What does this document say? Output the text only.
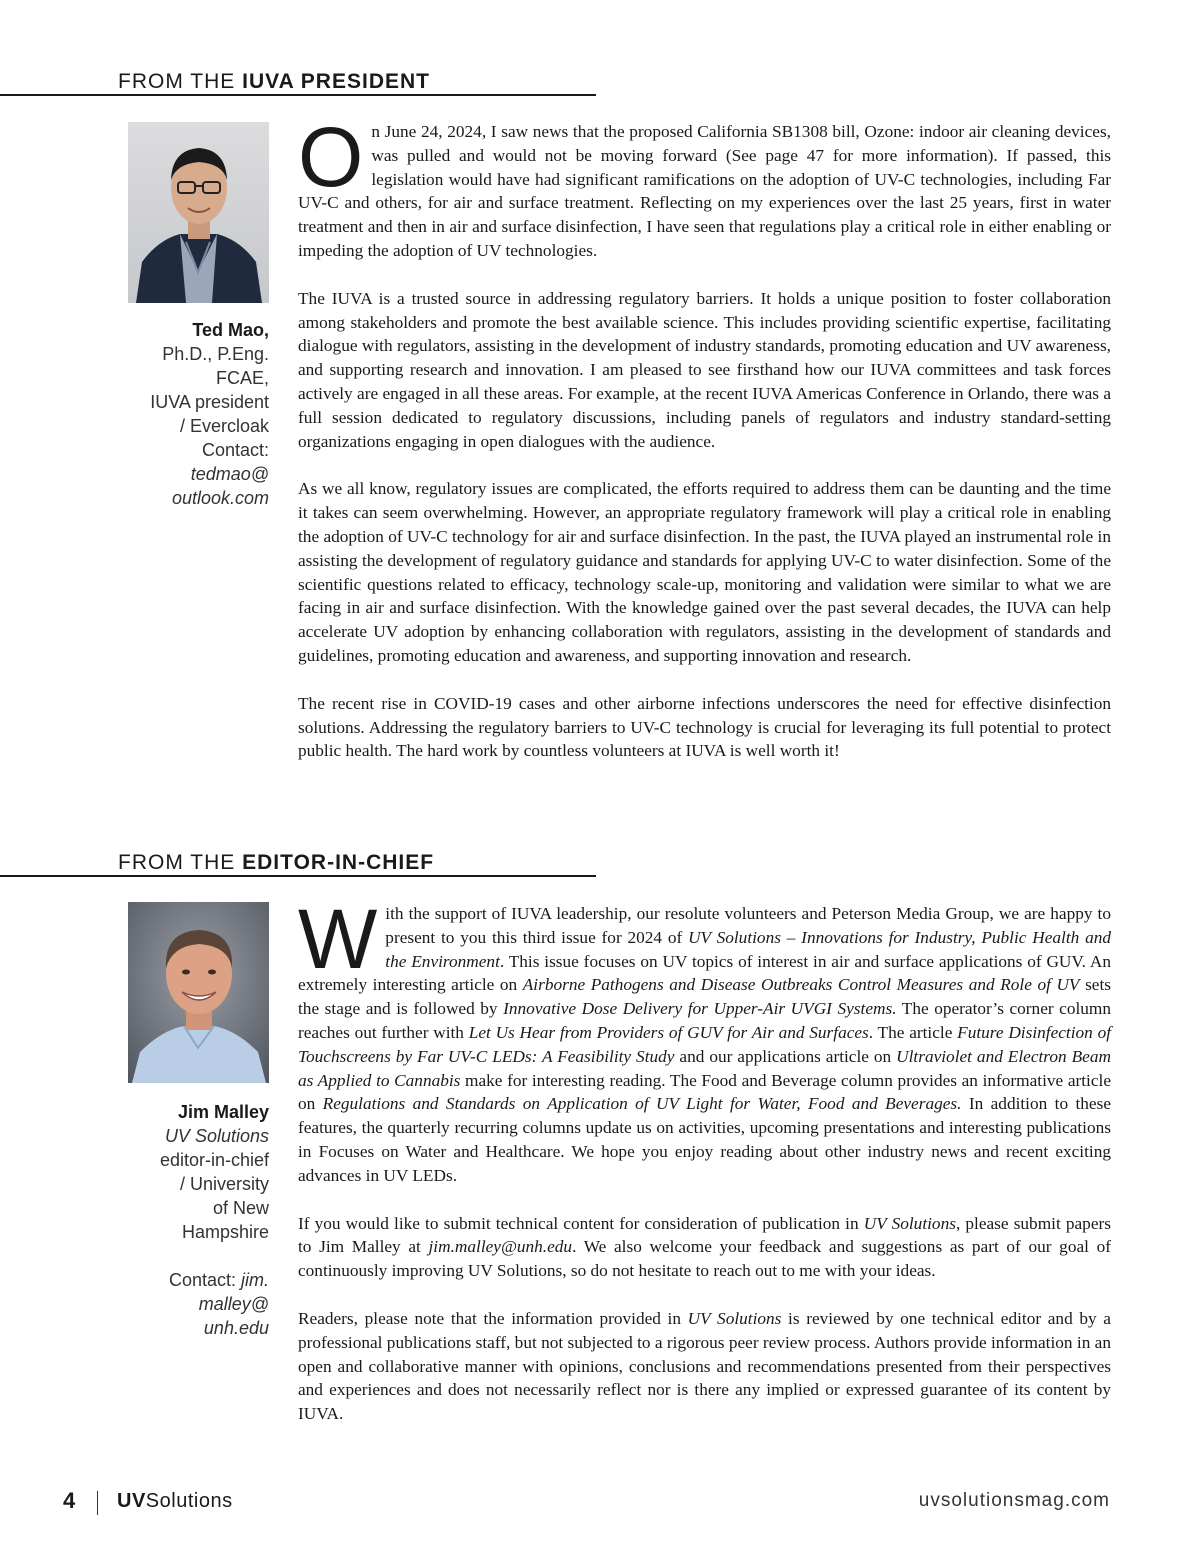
FROM THE IUVA PRESIDENT
Ted Mao,
Ph.D., P.Eng.
FCAE,
IUVA president
/ Evercloak
Contact:
tedmao@
outlook.com

On June 24, 2024, I saw news that the proposed California SB1308 bill, Ozone: indoor air cleaning devices, was pulled and would not be moving forward (See page 47 for more information). If passed, this legislation would have had significant ramifications on the adoption of UV-C technologies, including Far UV-C and others, for air and surface treatment. Reflecting on my experiences over the last 25 years, first in water treatment and then in air and surface disinfection, I have seen that regulations play a critical role in either enabling or impeding the adoption of UV technologies.

The IUVA is a trusted source in addressing regulatory barriers. It holds a unique position to foster collaboration among stakeholders and promote the best available science. This includes providing scientific expertise, facilitating dialogue with regulators, assisting in the development of industry standards, promoting education and UV awareness, and supporting research and innovation. I am pleased to see firsthand how our IUVA committees and task forces actively are engaged in all these areas. For example, at the recent IUVA Americas Conference in Orlando, there was a full session dedicated to regulatory discussions, including panels of regulators and industry standard-setting organizations engaging in open dialogues with the audience.

As we all know, regulatory issues are complicated, the efforts required to address them can be daunting and the time it takes can seem overwhelming. However, an appropriate regulatory framework will play a critical role in enabling the adoption of UV-C technology for air and surface disinfection. In the past, the IUVA played an instrumental role in assisting the development of regulatory guidance and standards for applying UV-C to water disinfection. Some of the scientific questions related to efficacy, technology scale-up, monitoring and validation were similar to what we are facing in air and surface disinfection. With the knowledge gained over the past several decades, the IUVA can help accelerate UV adoption by enhancing collaboration with regulators, assisting in the development of standards and guidelines, promoting education and awareness, and supporting innovation and research.

The recent rise in COVID-19 cases and other airborne infections underscores the need for effective disinfection solutions. Addressing the regulatory barriers to UV-C technology is crucial for leveraging its full potential to protect public health. The hard work by countless volunteers at IUVA is well worth it!

FROM THE EDITOR-IN-CHIEF
Jim Malley
UV Solutions
editor-in-chief
/ University
of New
Hampshire
Contact: jim.
malley@
unh.edu

With the support of IUVA leadership, our resolute volunteers and Peterson Media Group, we are happy to present to you this third issue for 2024 of UV Solutions – Innovations for Industry, Public Health and the Environment. This issue focuses on UV topics of interest in air and surface applications of GUV. An extremely interesting article on Airborne Pathogens and Disease Outbreaks Control Measures and Role of UV sets the stage and is followed by Innovative Dose Delivery for Upper-Air UVGI Systems. The operator’s corner column reaches out further with Let Us Hear from Providers of GUV for Air and Surfaces. The article Future Disinfection of Touchscreens by Far UV-C LEDs: A Feasibility Study and our applications article on Ultraviolet and Electron Beam as Applied to Cannabis make for interesting reading. The Food and Beverage column provides an informative article on Regulations and Standards on Application of UV Light for Water, Food and Beverages. In addition to these features, the quarterly recurring columns update us on activities, upcoming presentations and interesting publications in Focuses on Water and Healthcare. We hope you enjoy reading about other industry news and recent exciting advances in UV LEDs.

If you would like to submit technical content for consideration of publication in UV Solutions, please submit papers to Jim Malley at jim.malley@unh.edu. We also welcome your feedback and suggestions as part of our goal of continuously improving UV Solutions, so do not hesitate to reach out to me with your ideas.

Readers, please note that the information provided in UV Solutions is reviewed by one technical editor and by a professional publications staff, but not subjected to a rigorous peer review process. Authors provide information in an open and collaborative manner with opinions, conclusions and recommendations presented from their perspectives and experiences and does not necessarily reflect nor is there any implied or expressed guarantee of its content by IUVA.

4 UVSolutions	uvsolutionsmag.com
